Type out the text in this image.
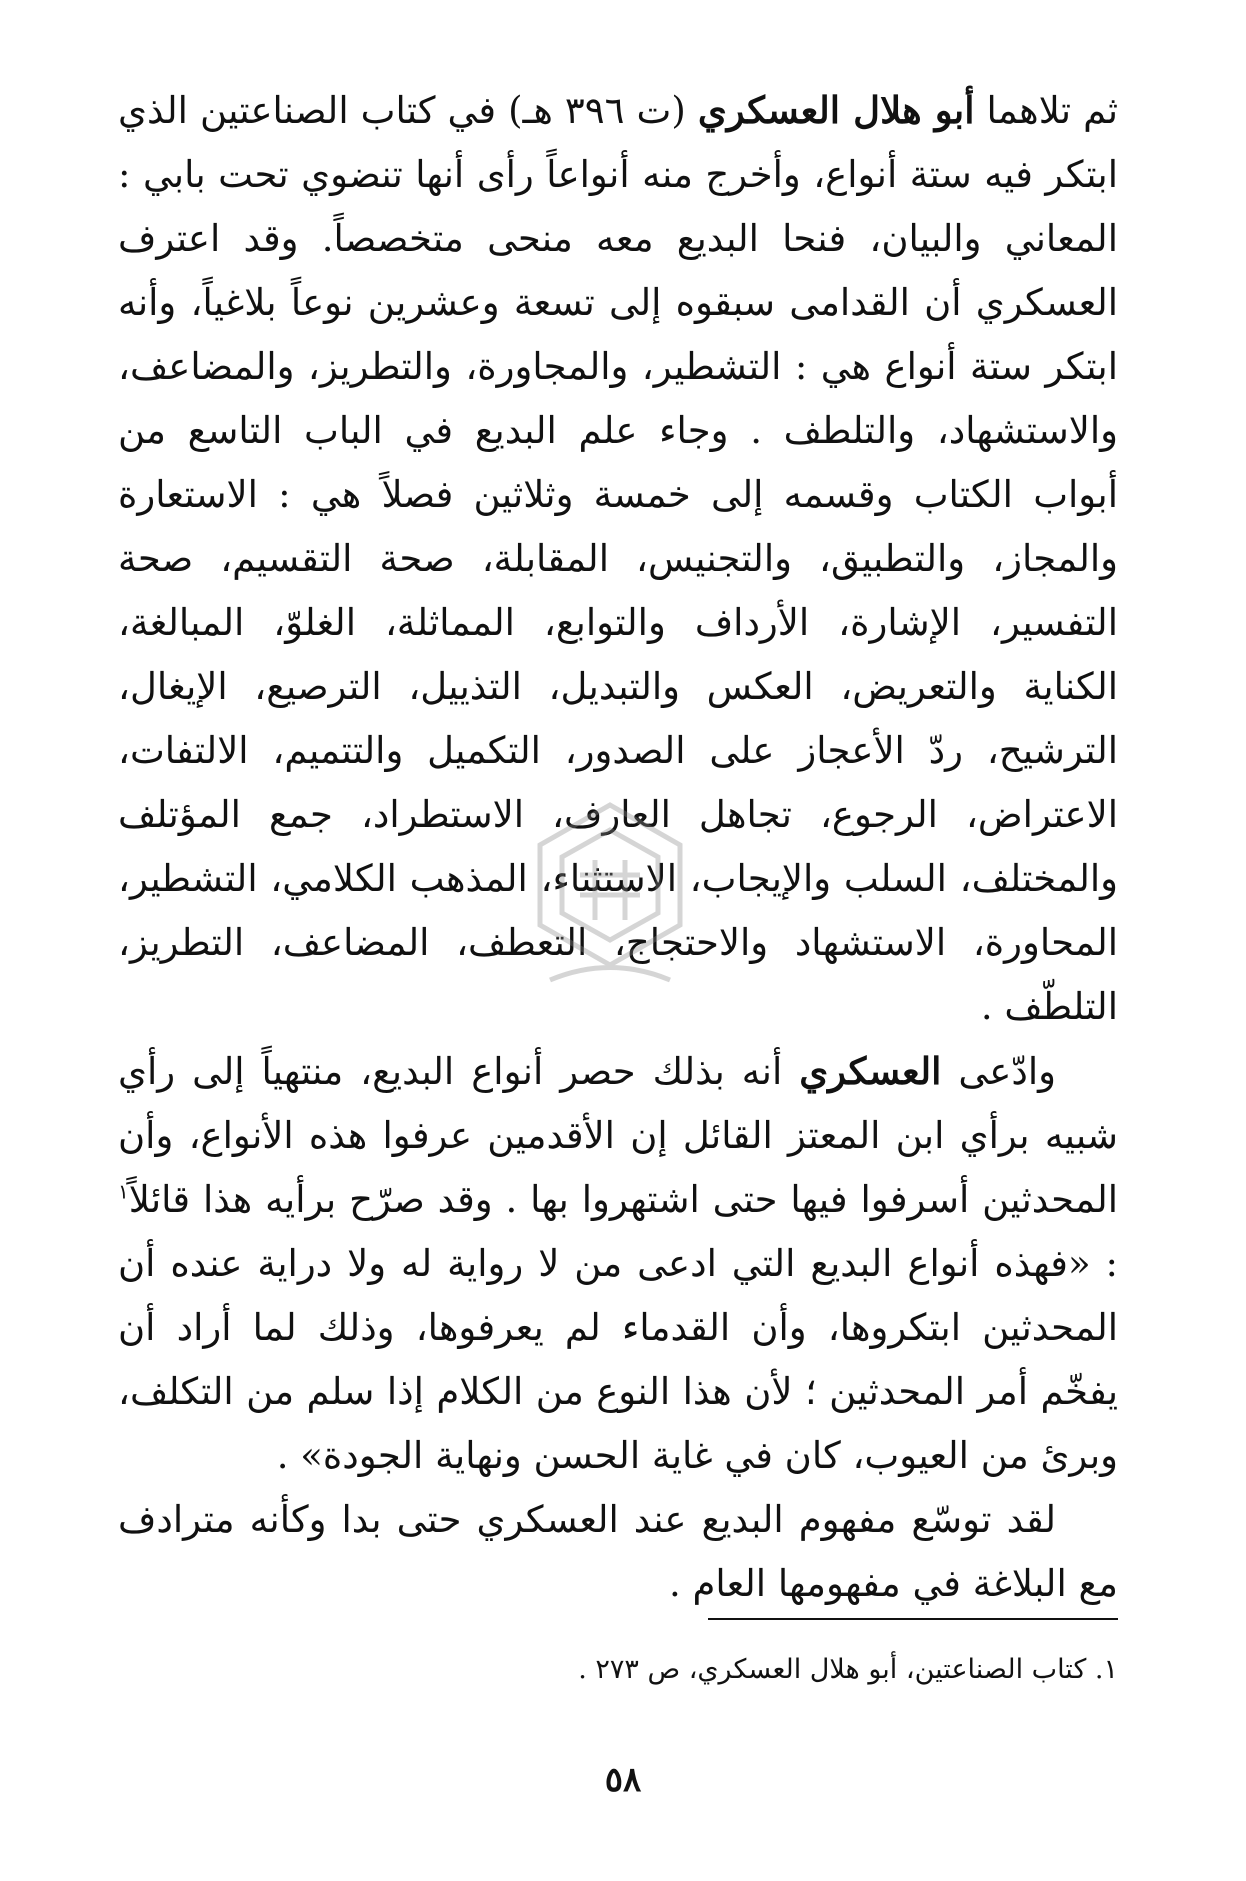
ثم تلاهما أبو هلال العسكري (ت ٣٩٦ هـ) في كتاب الصناعتين الذي ابتكر فيه ستة أنواع، وأخرج منه أنواعاً رأى أنها تنضوي تحت بابي : المعاني والبيان، فنحا البديع معه منحى متخصصاً. وقد اعترف العسكري أن القدامى سبقوه إلى تسعة وعشرين نوعاً بلاغياً، وأنه ابتكر ستة أنواع هي : التشطير، والمجاورة، والتطريز، والمضاعف، والاستشهاد، والتلطف . وجاء علم البديع في الباب التاسع من أبواب الكتاب وقسمه إلى خمسة وثلاثين فصلاً هي : الاستعارة والمجاز، والتطبيق، والتجنيس، المقابلة، صحة التقسيم، صحة التفسير، الإشارة، الأرداف والتوابع، المماثلة، الغلوّ، المبالغة، الكناية والتعريض، العكس والتبديل، التذييل، الترصيع، الإيغال، الترشيح، ردّ الأعجاز على الصدور، التكميل والتتميم، الالتفات، الاعتراض، الرجوع، تجاهل العارف، الاستطراد، جمع المؤتلف والمختلف، السلب والإيجاب، الاستثناء، المذهب الكلامي، التشطير، المحاورة، الاستشهاد والاحتجاج، التعطف، المضاعف، التطريز، التلطّف .

وادّعى العسكري أنه بذلك حصر أنواع البديع، منتهياً إلى رأي شبيه برأي ابن المعتز القائل إن الأقدمين عرفوا هذه الأنواع، وأن المحدثين أسرفوا فيها حتى اشتهروا بها . وقد صرّح برأيه هذا قائلاً$^١$ : «فهذه أنواع البديع التي ادعى من لا رواية له ولا دراية عنده أن المحدثين ابتكروها، وأن القدماء لم يعرفوها، وذلك لما أراد أن يفخّم أمر المحدثين ؛ لأن هذا النوع من الكلام إذا سلم من التكلف، وبرئ من العيوب، كان في غاية الحسن ونهاية الجودة» .

لقد توسّع مفهوم البديع عند العسكري حتى بدا وكأنه مترادف مع البلاغة في مفهومها العام .

١. كتاب الصناعتين، أبو هلال العسكري، ص ٢٧٣ .
٥٨
